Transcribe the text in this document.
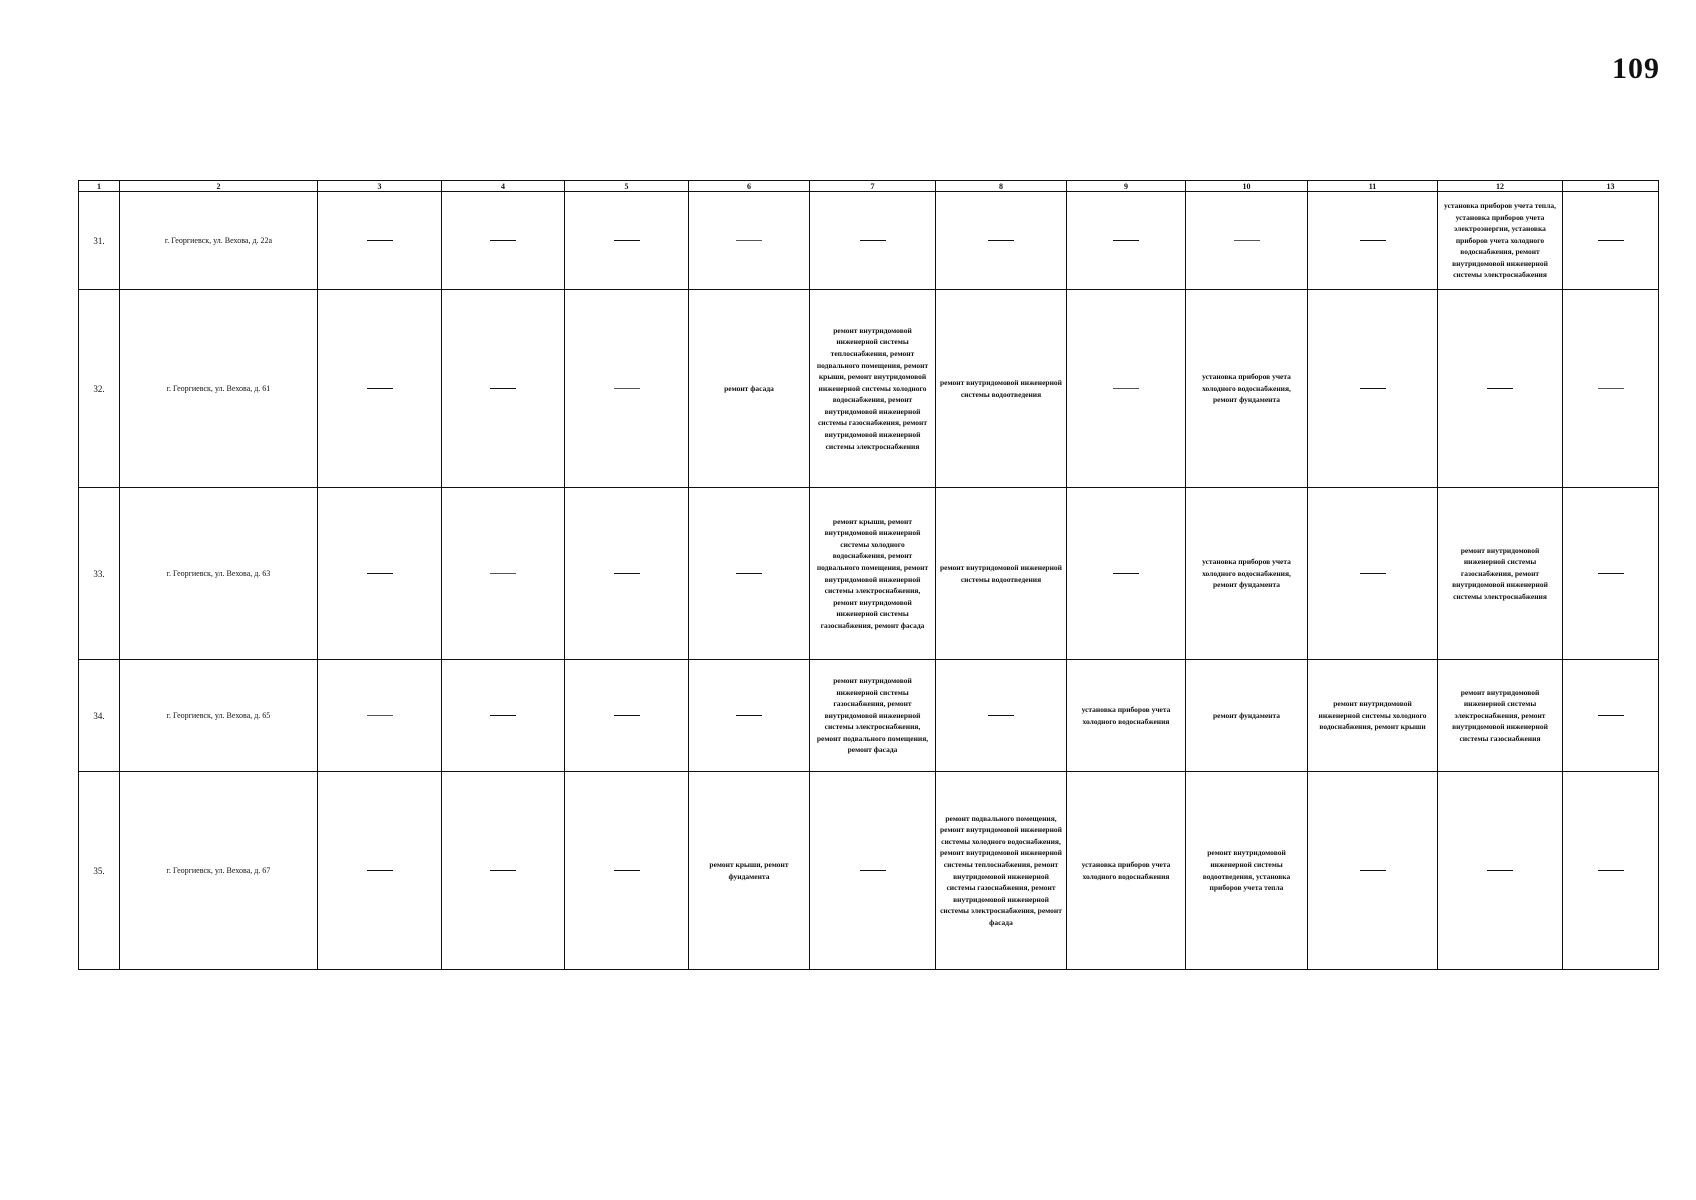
109
1	2	3	4	5	6	7	8	9	10	11	12	13
31.	г. Георгиевск, ул. Вехова, д. 22а										установка приборов учета тепла, установка приборов учета электроэнергии, установка приборов учета холодного водоснабжения, ремонт внутридомовой инженерной системы электроснабжения	
32.	г. Георгиевск, ул. Вехова, д. 61				ремонт фасада	ремонт внутридомовой инженерной системы теплоснабжения, ремонт подвального помещения, ремонт крыши, ремонт внутридомовой инженерной системы холодного водоснабжения, ремонт внутридомовой инженерной системы газоснабжения, ремонт внутридомовой инженерной системы электроснабжения	ремонт внутридомовой инженерной системы водоотведения		установка приборов учета холодного водоснабжения, ремонт фундамента			
33.	г. Георгиевск, ул. Вехова, д. 63					ремонт крыши, ремонт внутридомовой инженерной системы холодного водоснабжения, ремонт подвального помещения, ремонт внутридомовой инженерной системы электроснабжения, ремонт внутридомовой инженерной системы газоснабжения, ремонт фасада	ремонт внутридомовой инженерной системы водоотведения		установка приборов учета холодного водоснабжения, ремонт фундамента		ремонт внутридомовой инженерной системы газоснабжения, ремонт внутридомовой инженерной системы электроснабжения	
34.	г. Георгиевск, ул. Вехова, д. 65					ремонт внутридомовой инженерной системы газоснабжения, ремонт внутридомовой инженерной системы электроснабжения, ремонт подвального помещения, ремонт фасада		установка приборов учета холодного водоснабжения	ремонт фундамента	ремонт внутридомовой инженерной системы холодного водоснабжения, ремонт крыши	ремонт внутридомовой инженерной системы электроснабжения, ремонт внутридомовой инженерной системы газоснабжения	
35.	г. Георгиевск, ул. Вехова, д. 67				ремонт крыши, ремонт фундамента		ремонт подвального помещения, ремонт внутридомовой инженерной системы холодного водоснабжения, ремонт внутридомовой инженерной системы теплоснабжения, ремонт внутридомовой инженерной системы газоснабжения, ремонт внутридомовой инженерной системы электроснабжения, ремонт фасада	установка приборов учета холодного водоснабжения	ремонт внутридомовой инженерной системы водоотведения, установка приборов учета тепла			
